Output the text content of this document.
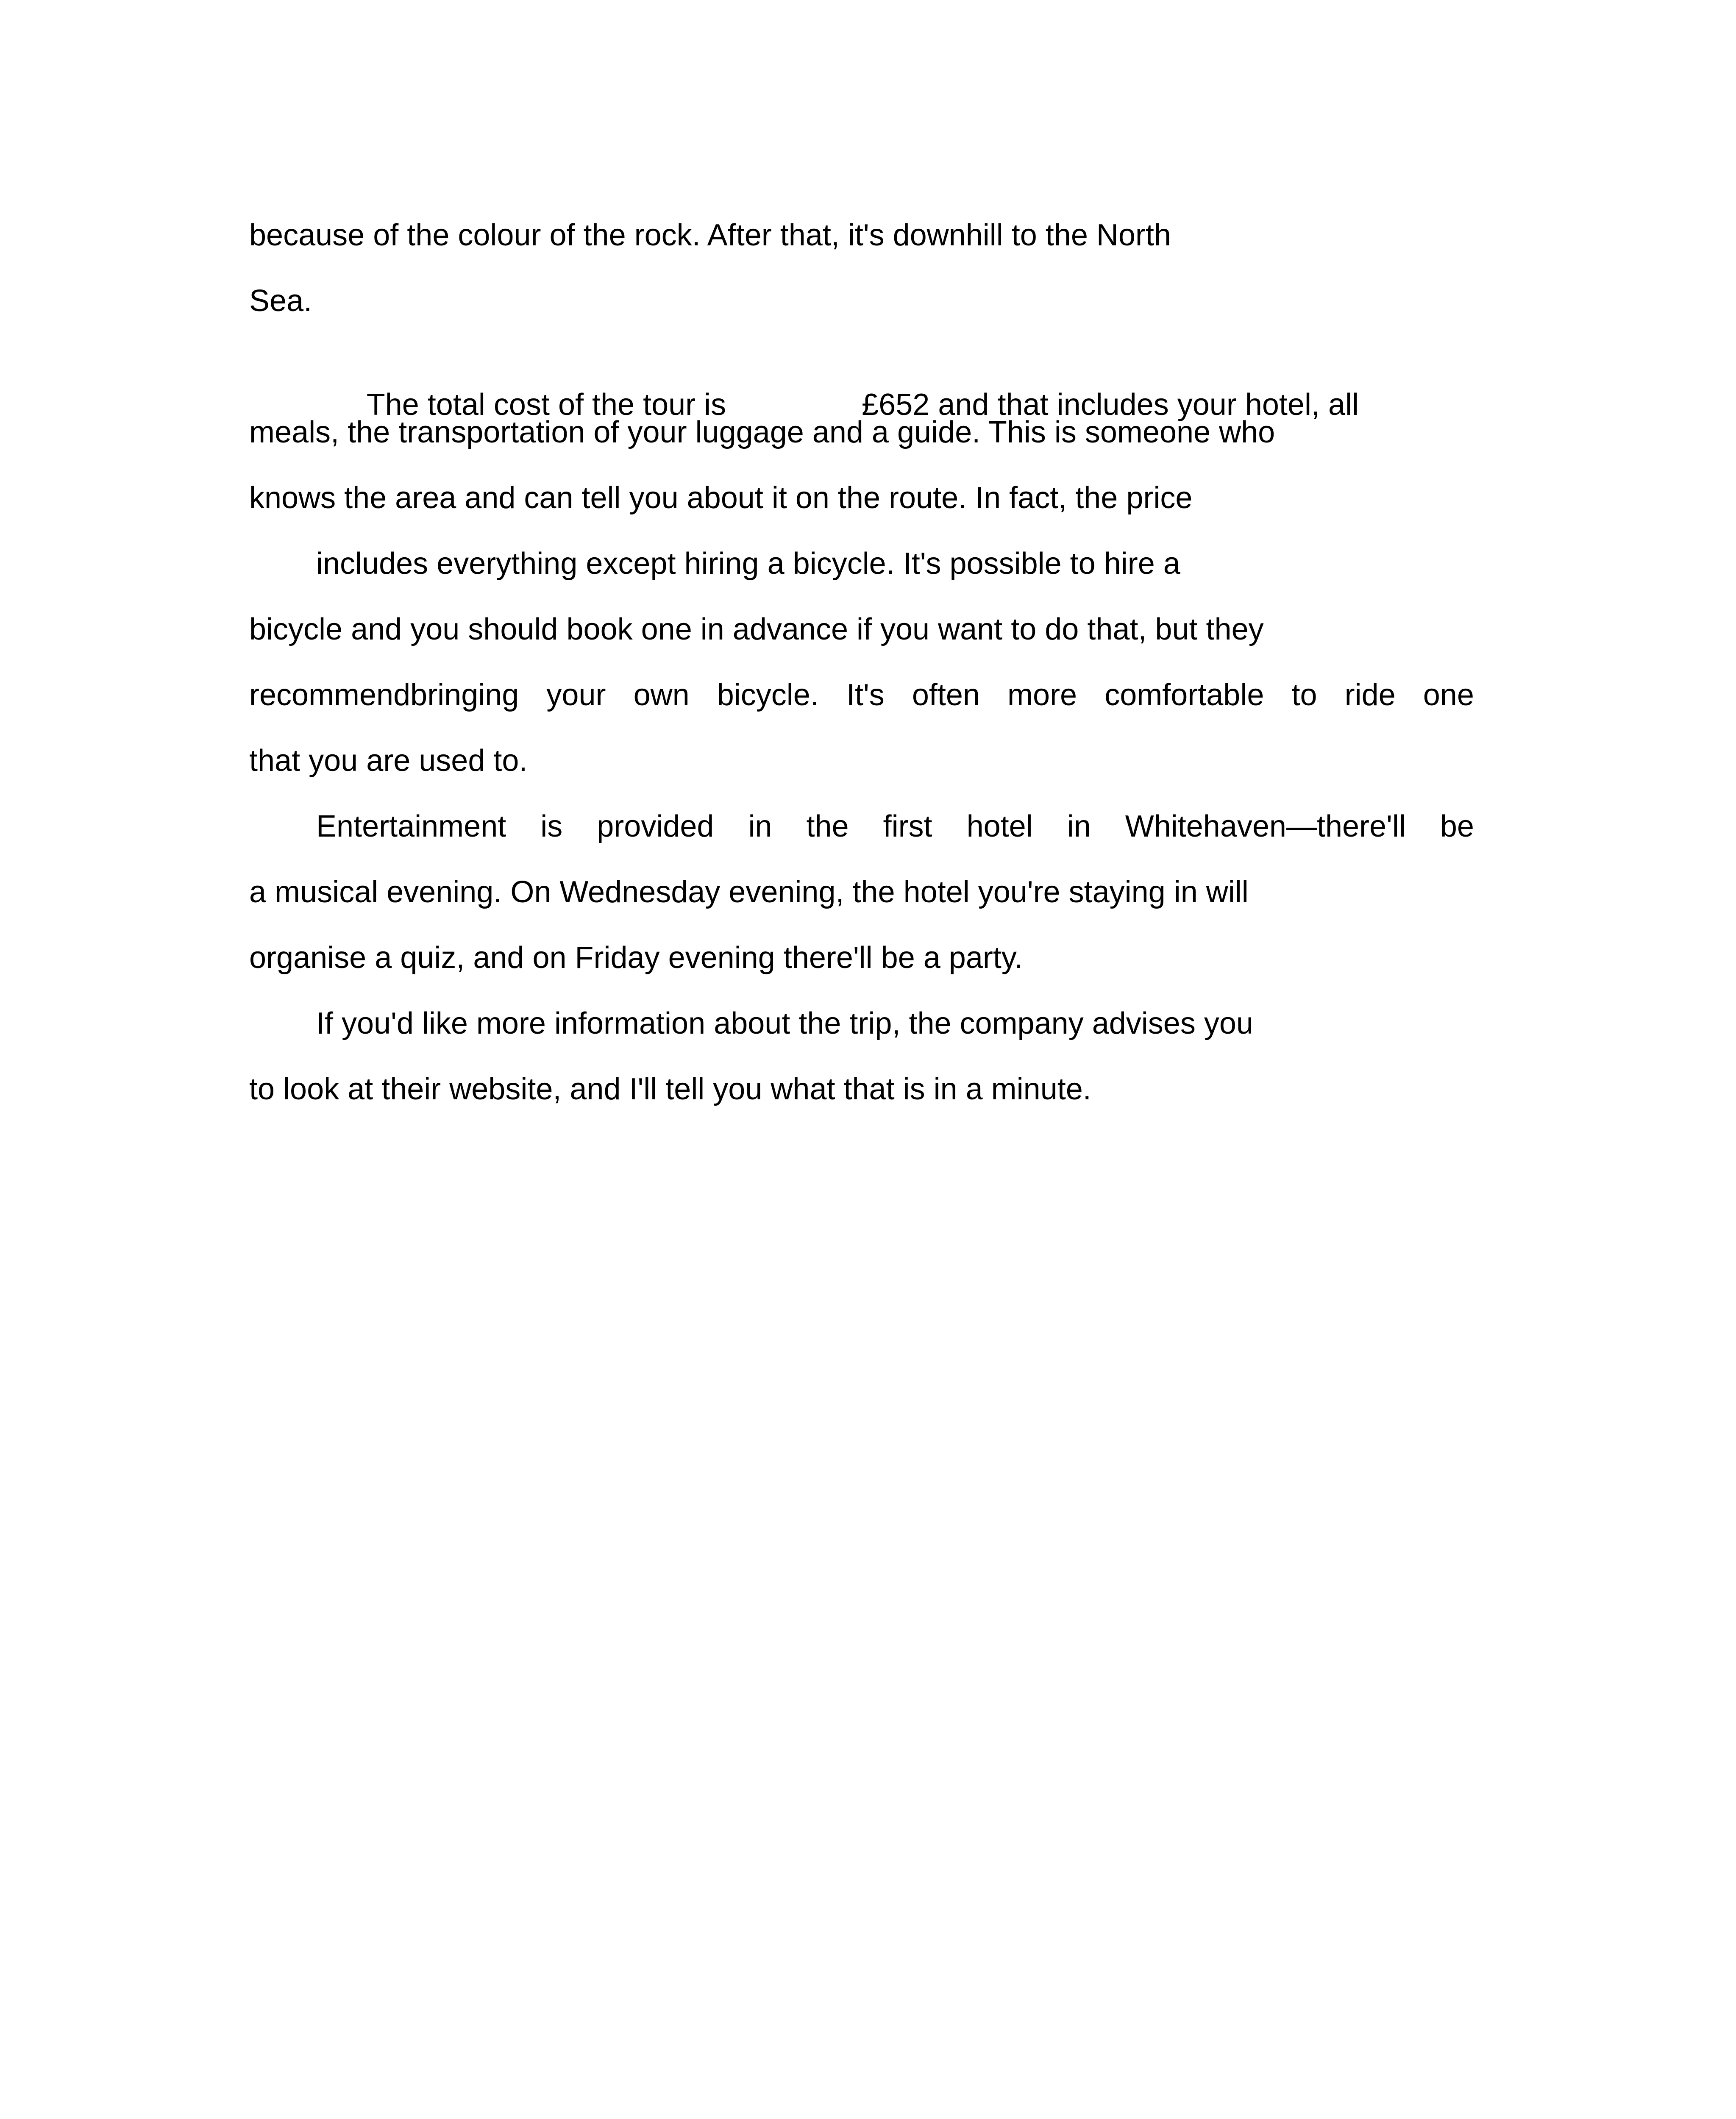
because of the colour of the rock. After that, it's downhill to the North
Sea.

The total cost of the tour is	£652 and that includes your hotel, all

meals, the transportation of your luggage and a guide. This is someone who
knows the area and can tell you about it on the route. In fact, the price
includes everything except hiring a bicycle. It's possible to hire a
bicycle and you should book one in advance if you want to do that, but they
recommendbringing your own bicycle. It's often more comfortable to ride one
that you are used to.
Entertainment is provided in the first hotel in Whitehaven—there'll be
a musical evening. On Wednesday evening, the hotel you're staying in will
organise a quiz, and on Friday evening there'll be a party.
If you'd like more information about the trip, the company advises you
to look at their website, and I'll tell you what that is in a minute.
